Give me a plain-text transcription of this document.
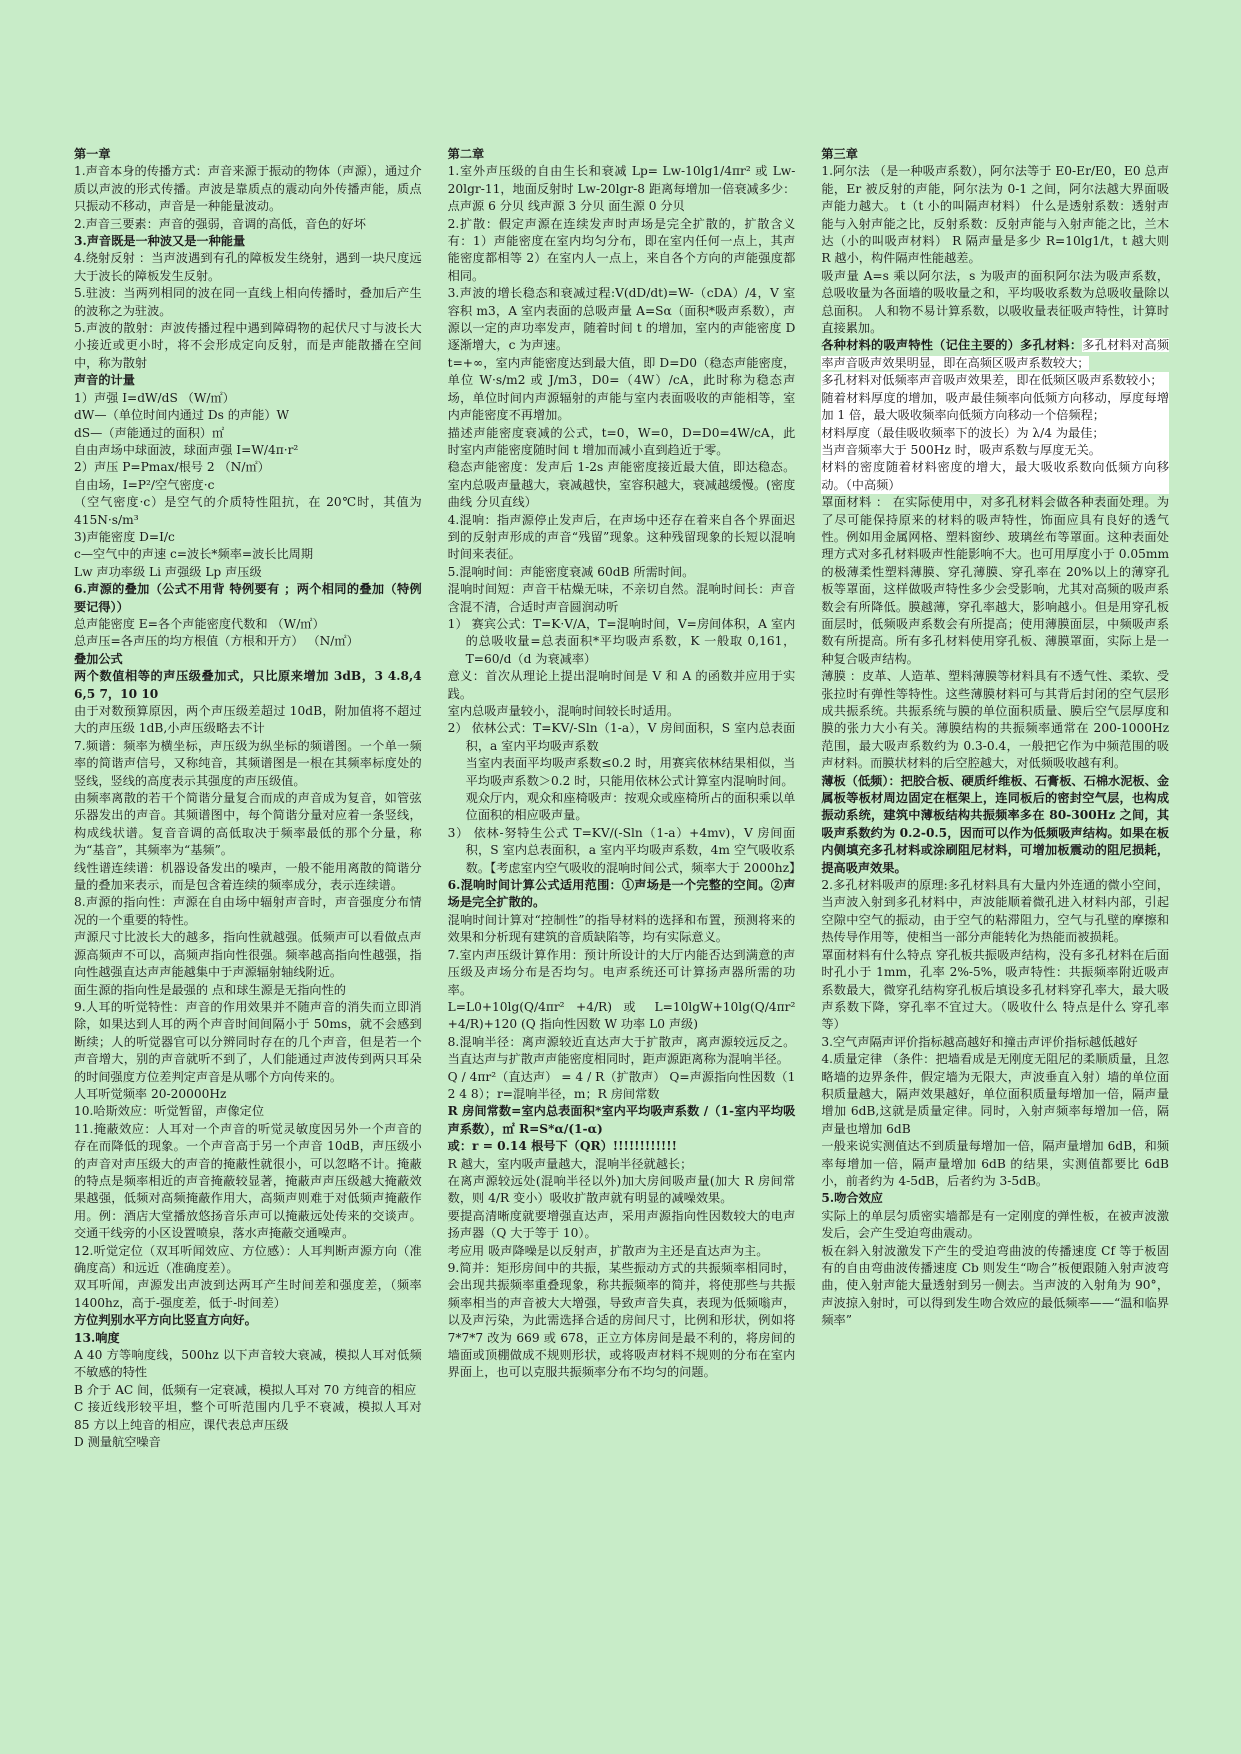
第一章

1.声音本身的传播方式：声音来源于振动的物体（声源），通过介质以声波的形式传播。声波是靠质点的震动向外传播声能，质点只振动不移动，声音是一种能量波动。

2.声音三要素：声音的强弱，音调的高低，音色的好坏

3.声音既是一种波又是一种能量

4.绕射反射 ：当声波遇到有孔的障板发生绕射，遇到一块尺度远大于波长的障板发生反射。

5.驻波：当两列相同的波在同一直线上相向传播时，叠加后产生的波称之为驻波。

5.声波的散射：声波传播过程中遇到障碍物的起伏尺寸与波长大小接近或更小时，将不会形成定向反射，而是声能散播在空间中，称为散射

声音的计量

1）声强 I=dW/dS （W/㎡）

dW—（单位时间内通过 Ds 的声能）W

dS—（声能通过的面积）㎡

自由声场中球面波，球面声强 I=W/4π·r²

2）声压 P=Pmax/根号 2 （N/㎡）

自由场，I=P²/空气密度·c

（空气密度·c）是空气的介质特性阻抗，在 20℃时，其值为 415N·s/m³

3)声能密度 D=I/c

c—空气中的声速 c=波长*频率=波长比周期

Lw 声功率级 Li 声强级 Lp 声压级

6.声源的叠加（公式不用背 特例要有 ；两个相同的叠加（特例要记得））

总声能密度 E=各个声能密度代数和 （W/㎡）

总声压=各声压的均方根值（方根和开方） （N/㎡）

叠加公式

两个数值相等的声压级叠加式，只比原来增加 3dB，3 4.8,4 6,5 7，10 10

由于对数预算原因，两个声压级差超过 10dB，附加值将不超过大的声压级 1dB,小声压级略去不计

7.频谱：频率为横坐标，声压级为纵坐标的频谱图。一个单一频率的简谐声信号，又称纯音，其频谱图是一根在其频率标度处的竖线，竖线的高度表示其强度的声压级值。

由频率离散的若干个简谐分量复合而成的声音成为复音，如管弦乐器发出的声音。其频谱图中，每个简谐分量对应着一条竖线，构成线状谱。复音音调的高低取决于频率最低的那个分量，称为“基音”，其频率为“基频”。

线性谱连续谱：机器设备发出的噪声，一般不能用离散的简谐分量的叠加来表示，而是包含着连续的频率成分，表示连续谱。

8.声源的指向性：声源在自由场中辐射声音时，声音强度分布情况的一个重要的特性。

声源尺寸比波长大的越多，指向性就越强。低频声可以看做点声源高频声不可以，高频声指向性很强。频率越高指向性越强，指向性越强直达声声能越集中于声源辐射轴线附近。

面生源的指向性是最强的 点和球生源是无指向性的

9.人耳的听觉特性：声音的作用效果并不随声音的消失而立即消除，如果达到人耳的两个声音时间间隔小于 50ms，就不会感到断续；人的听觉器官可以分辨同时存在的几个声音，但是若一个声音增大，别的声音就听不到了，人们能通过声波传到两只耳朵的时间强度方位差判定声音是从哪个方向传来的。

人耳听觉频率 20-20000Hz

10.哈斯效应：听觉暂留，声像定位

11.掩蔽效应：人耳对一个声音的听觉灵敏度因另外一个声音的存在而降低的现象。一个声音高于另一个声音 10dB，声压级小的声音对声压级大的声音的掩蔽性就很小，可以忽略不计。掩蔽的特点是频率相近的声音掩蔽较显著，掩蔽声声压级越大掩蔽效果越强，低频对高频掩蔽作用大，高频声则难于对低频声掩蔽作用。例：酒店大堂播放悠扬音乐声可以掩蔽远处传来的交谈声。交通干线旁的小区设置喷泉，落水声掩蔽交通噪声。

12.听觉定位（双耳听闻效应、方位感）：人耳判断声源方向（准确度高）和远近（准确度差）。

双耳听闻，声源发出声波到达两耳产生时间差和强度差，（频率 1400hz，高于-强度差，低于-时间差）

方位判别水平方向比竖直方向好。

13.响度

A 40 方等响度线，500hz 以下声音较大衰减，模拟人耳对低频不敏感的特性

B 介于 AC 间，低频有一定衰减，模拟人耳对 70 方纯音的相应

C 接近线形较平坦，整个可听范围内几乎不衰减，模拟人耳对 85 方以上纯音的相应，课代表总声压级

D 测量航空噪音

第二章

1.室外声压级的自由生长和衰减 Lp= Lw-10lg1/4πr² 或 Lw-20lgr-11，地面反射时 Lw-20lgr-8 距离每增加一倍衰减多少：点声源 6 分贝 线声源 3 分贝 面生源 0 分贝

2.扩散：假定声源在连续发声时声场是完全扩散的，扩散含义有：1）声能密度在室内均匀分布，即在室内任何一点上，其声能密度都相等 2）在室内人一点上，来自各个方向的声能强度都相同。

3.声波的增长稳态和衰减过程:V(dD/dt)=W-（cDA）/4，V 室容积 m3，A 室内表面的总吸声量 A=Sα（面积*吸声系数），声源以一定的声功率发声，随着时间 t 的增加，室内的声能密度 D 逐渐增大，c 为声速。

t=+∞，室内声能密度达到最大值，即 D=D0（稳态声能密度，单位 W·s/m2 或 J/m3，D0=（4W）/cA，此时称为稳态声场，单位时间内声源辐射的声能与室内表面吸收的声能相等，室内声能密度不再增加。

描述声能密度衰减的公式，t=0，W=0，D=D0=4W/cA，此时室内声能密度随时间 t 增加而减小直到趋近于零。

稳态声能密度：发声后 1-2s 声能密度接近最大值，即达稳态。室内总吸声量越大，衰减越快，室容积越大，衰减越缓慢。(密度曲线 分贝直线）

4.混响：指声源停止发声后，在声场中还存在着来自各个界面迟到的反射声形成的声音“残留”现象。这种残留现象的长短以混响时间来表征。

5.混响时间：声能密度衰减 60dB 所需时间。

混响时间短：声音干枯燥无味，不亲切自然。混响时间长：声音含混不清，合适时声音圆润动听

1） 赛宾公式：T=K·V/A，T=混响时间，V=房间体积，A 室内的总吸收量=总表面积*平均吸声系数，K 一般取 0,161，T=60/d（d 为衰减率）

意义：首次从理论上提出混响时间是 V 和 A 的函数并应用于实践。

室内总吸声量较小，混响时间较长时适用。

2） 依林公式：T=KV/-Sln（1-a），V 房间面积，S 室内总表面积，a 室内平均吸声系数

当室内表面平均吸声系数≤0.2 时，用赛宾依林结果相似，当平均吸声系数＞0.2 时，只能用依林公式计算室内混响时间。

观众厅内，观众和座椅吸声：按观众或座椅所占的面积乘以单位面积的相应吸声量。

3） 依林-努特生公式 T=KV/(-Sln（1-a）+4mv)，V 房间面积，S 室内总表面积，a 室内平均吸声系数，4m 空气吸收系数。【考虑室内空气吸收的混响时间公式，频率大于 2000hz】

6.混响时间计算公式适用范围：①声场是一个完整的空间。②声场是完全扩散的。

混响时间计算对“控制性”的指导材料的选择和布置，预测将来的效果和分析现有建筑的音质缺陷等，均有实际意义。

7.室内声压级计算作用：预计所设计的大厅内能否达到满意的声压级及声场分布是否均匀。电声系统还可计算扬声器所需的功率。

L=L0+10lg(Q/4πr² +4/R) 或 L=10lgW+10lg(Q/4πr² +4/R)+120 (Q 指向性因数 W 功率 L0 声级)

8.混响半径：离声源较近直达声大于扩散声，离声源较远反之。当直达声与扩散声声能密度相同时，距声源距离称为混响半径。

Q / 4πr²（直达声） = 4 / R（扩散声） Q=声源指向性因数（1 2 4 8）；r=混响半径，m；R 房间常数

R 房间常数=室内总表面积*室内平均吸声系数 /（1-室内平均吸声系数），㎡ R=S*α/(1-α)

或：r = 0.14 根号下（QR）!!!!!!!!!!!!

R 越大，室内吸声量越大，混响半径就越长；

在离声源较远处(混响半径以外)加大房间吸声量(加大 R 房间常数，则 4/R 变小）吸收扩散声就有明显的减噪效果。

要提高清晰度就要增强直达声，采用声源指向性因数较大的电声扬声器（Q 大于等于 10）。

考应用 吸声降噪是以反射声，扩散声为主还是直达声为主。

9.简并：矩形房间中的共振，某些振动方式的共振频率相同时，会出现共振频率重叠现象，称共振频率的简并，将使那些与共振频率相当的声音被大大增强，导致声音失真，表现为低频嗡声，以及声污染，为此需选择合适的房间尺寸，比例和形状，例如将 7*7*7 改为 669 或 678，正立方体房间是最不利的，将房间的墙面或顶棚做成不规则形状，或将吸声材料不规则的分布在室内界面上，也可以克服共振频率分布不均匀的问题。

第三章

1.阿尔法 （是一种吸声系数），阿尔法等于 E0-Er/E0，E0 总声能，Er 被反射的声能，阿尔法为 0-1 之间，阿尔法越大界面吸声能力越大。 t（t 小的叫隔声材料） 什么是透射系数：透射声能与入射声能之比，反射系数：反射声能与入射声能之比，兰木达（小的叫吸声材料） R 隔声量是多少 R=10lg1/t，t 越大则 R 越小，构件隔声性能越差。

吸声量 A=s 乘以阿尔法，s 为吸声的面积阿尔法为吸声系数，总吸收量为各面墙的吸收量之和，平均吸收系数为总吸收量除以总面积。 人和物不易计算系数，以吸收量表征吸声特性，计算时直接累加。

各种材料的吸声特性（记住主要的）多孔材料：多孔材料对高频率声音吸声效果明显，即在高频区吸声系数较大；

多孔材料对低频率声音吸声效果差，即在低频区吸声系数较小；

随着材料厚度的增加，吸声最佳频率向低频方向移动，厚度每增加 1 倍，最大吸收频率向低频方向移动一个倍频程；

材料厚度（最佳吸收频率下的波长）为 λ/4 为最佳；

当声音频率大于 500Hz 时，吸声系数与厚度无关。

材料的密度随着材料密度的增大，最大吸收系数向低频方向移动。（中高频）

罩面材料 ： 在实际使用中，对多孔材料会做各种表面处理。为了尽可能保持原来的材料的吸声特性，饰面应具有良好的透气性。例如用金属网格、塑料窗纱、玻璃丝布等罩面。这种表面处理方式对多孔材料吸声性能影响不大。也可用厚度小于 0.05mm 的极薄柔性塑料薄膜、穿孔薄膜、穿孔率在 20%以上的薄穿孔板等罩面，这样做吸声特性多少会受影响，尤其对高频的吸声系数会有所降低。膜越薄，穿孔率越大，影响越小。但是用穿孔板面层时，低频吸声系数会有所提高；使用薄膜面层，中频吸声系数有所提高。所有多孔材料使用穿孔板、薄膜罩面，实际上是一种复合吸声结构。

薄膜 ：皮革、人造革、塑料薄膜等材料具有不透气性、柔软、受张拉时有弹性等特性。这些薄膜材料可与其背后封闭的空气层形成共振系统。共振系统与膜的单位面积质量、膜后空气层厚度和膜的张力大小有关。薄膜结构的共振频率通常在 200-1000Hz 范围，最大吸声系数约为 0.3-0.4，一般把它作为中频范围的吸声材料。而膜状材料的后空腔越大，对低频吸收越有利。

薄板（低频）：把胶合板、硬质纤维板、石膏板、石棉水泥板、金属板等板材周边固定在框架上，连同板后的密封空气层，也构成振动系统，建筑中薄板结构共振频率多在 80-300Hz 之间，其吸声系数约为 0.2-0.5，因而可以作为低频吸声结构。如果在板内侧填充多孔材料或涂刷阻尼材料，可增加板震动的阻尼损耗，提高吸声效果。

2.多孔材料吸声的原理:多孔材料具有大量内外连通的微小空间，当声波入射到多孔材料中，声波能顺着微孔进入材料内部，引起空隙中空气的振动，由于空气的粘滞阻力，空气与孔壁的摩擦和热传导作用等，使相当一部分声能转化为热能而被损耗。

罩面材料有什么特点 穿孔板共振吸声结构，没有多孔材料在后面时孔小于 1mm，孔率 2%-5%，吸声特性：共振频率附近吸声系数最大，微穿孔结构穿孔板后填设多孔材料穿孔率大，最大吸声系数下降，穿孔率不宜过大。（吸收什么 特点是什么 穿孔率等）

3.空气声隔声评价指标越高越好和撞击声评价指标越低越好

4.质量定律 （条件：把墙看成是无刚度无阻尼的柔顺质量，且忽略墙的边界条件，假定墙为无限大，声波垂直入射）墙的单位面积质量越大，隔声效果越好，单位面积质量每增加一倍，隔声量增加 6dB,这就是质量定律。同时，入射声频率每增加一倍，隔声量也增加 6dB

一般来说实测值达不到质量每增加一倍，隔声量增加 6dB，和频率每增加一倍，隔声量增加 6dB 的结果，实测值都要比 6dB 小，前者约为 4-5dB，后者约为 3-5dB。

5.吻合效应

实际上的单层匀质密实墙都是有一定刚度的弹性板，在被声波激发后，会产生受迫弯曲震动。

板在斜入射波激发下产生的受迫弯曲波的传播速度 Cf 等于板固有的自由弯曲波传播速度 Cb 则发生“吻合”板便跟随入射声波弯曲，使入射声能大量透射到另一侧去。当声波的入射角为 90°，声波掠入射时，可以得到发生吻合效应的最低频率——“温和临界频率”
